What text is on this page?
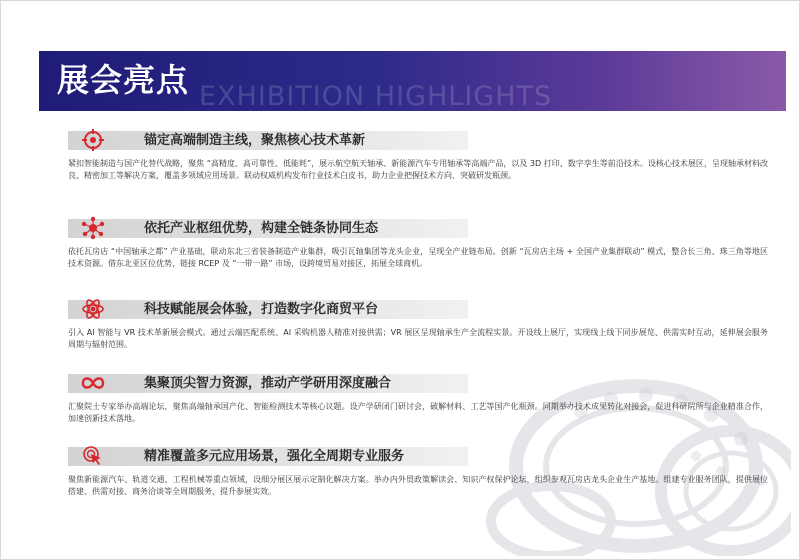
EXHIBITION HIGHLIGHTS
展会亮点
锚定高端制造主线，聚焦核心技术革新
紧扣智能制造与国产化替代战略，聚焦 “高精度、高可靠性、低能耗”，展示航空航天轴承、新能源汽车专用轴承等高端产品，以及 3D 打印、数字孪生等前沿技术。设核心技术展区，呈现轴承材料改良、精密加工等解决方案，覆盖多领域应用场景。联动权威机构发布行业技术白皮书，助力企业把握技术方向、突破研发瓶颈。
依托产业枢纽优势，构建全链条协同生态
依托瓦房店 “中国轴承之都” 产业基础，联动东北三省装备制造产业集群，吸引瓦轴集团等龙头企业，呈现全产业链布局。创新 “瓦房店主场 + 全国产业集群联动” 模式，整合长三角、珠三角等地区技术资源。借东北亚区位优势，链接 RCEP 及 “一带一路” 市场，设跨境贸易对接区，拓展全球商机。
科技赋能展会体验，打造数字化商贸平台
引入 AI 智能与 VR 技术革新展会模式。通过云端匹配系统、AI 采购机器人精准对接供需；VR 展区呈现轴承生产全流程实景。开设线上展厅，实现线上线下同步展览、供需实时互动，延伸展会服务周期与辐射范围。
集聚顶尖智力资源，推动产学研用深度融合
汇聚院士专家举办高端论坛，聚焦高端轴承国产化、智能检测技术等核心议题。设产学研闭门研讨会，破解材料、工艺等国产化瓶颈。同期举办技术成果转化对接会，促进科研院所与企业精准合作，加速创新技术落地。
精准覆盖多元应用场景，强化全周期专业服务
聚焦新能源汽车、轨道交通、工程机械等重点领域，设细分展区展示定制化解决方案。举办内外贸政策解读会、知识产权保护论坛，组织参观瓦房店龙头企业生产基地。组建专业服务团队，提供展位搭建、供需对接、商务洽谈等全周期服务，提升参展实效。
